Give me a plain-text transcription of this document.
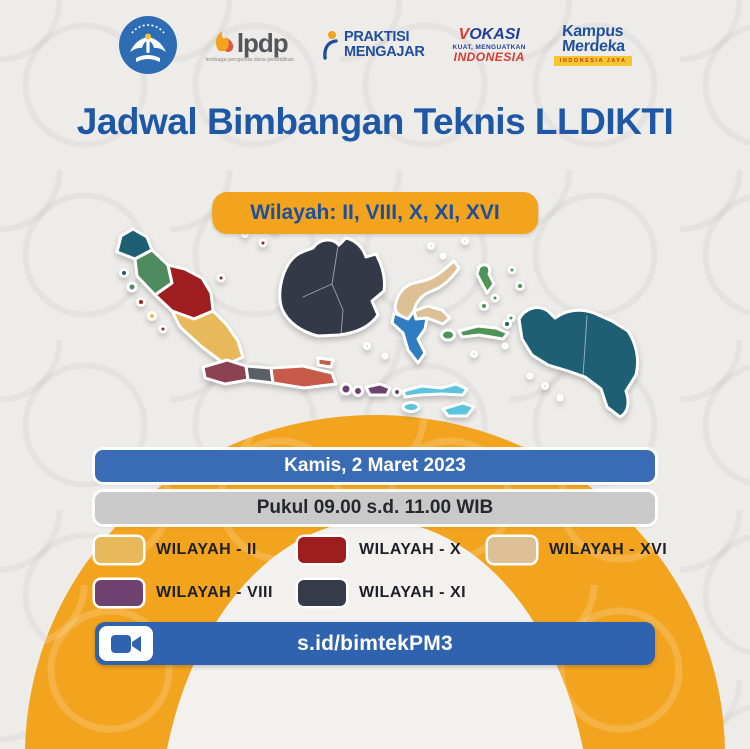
lpdp
lembaga pengelola dana pendidikan
PRAKTISI
MENGAJAR
VOKASI
KUAT, MENGUATKAN
INDONESIA
Kampus
Merdeka
INDONESIA JAYA
Jadwal Bimbangan Teknis LLDIKTI
Wilayah: II, VIII, X, XI, XVI
Kamis, 2 Maret 2023
Pukul 09.00 s.d. 11.00 WIB
WILAYAH - II	WILAYAH - X	WILAYAH - XVI
WILAYAH - VIII	WILAYAH - XI
s.id/bimtekPM3
